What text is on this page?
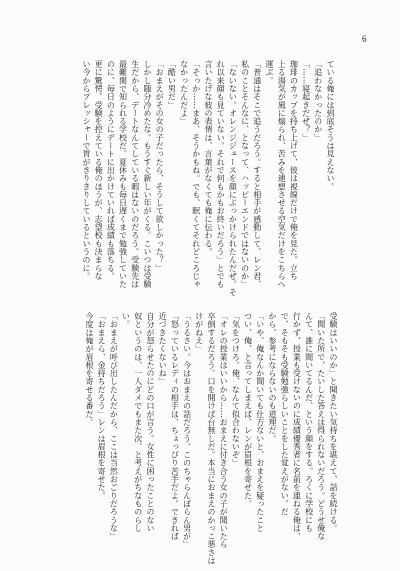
6
ている俺には到底そうは見えない。
「追わなかったのか」
「……寝起きだぜ？」
珈琲のカップを持ち上げて、彼は視線だけで俺を見た。立ち
上る湯気が風に煽られ、苦みを連想させる空気だけをこちらへ
運ぶ。
「普通はそこで追うだろう。すると相手が感動して、レン君、
私のことそんなに、となって、ハッピーエンドではないのか」
「ないない。オレンジジュースを顔にぶっかけられたんだぜ。そ
れ以来顔も見ていない。それで何もかもお終いだろう」とでも
言いたげな彼の表情は、言葉がなくても俺に伝わる。
「そっか……まあ、そうかもね。でも、眠くてそれどころじゃ
なかったんだよ」
「酷い男だ」
「おまえがその女の子だったら、そうして欲しかった？」
しかし随分冷めたな。もうすぐ新しい年がくる。こいつは受験
生だから、デートなんてしている暇はないのだろう。受験先は
最難関で知られる学校だ。夏休みも毎日遅くまで勉強していた
のに、毎日のようにデートに出かけていれば成績も落ちる。
更に驚愕。受験を控えている俺のほうが、志望校も決まらな
い今からプレッシャーで胃がきりきりしているというのに。
受験はいいのか」と聞きたい気持ちを堪えて、話を続ける。
「聞いた所で、たいした答えは得られないだろう。どうせ俺な
んて、誰に聞いてるんだ、という顔をする。ろくに学校にも
行かず、授業も受けないのに成績優秀者に名前を連ねる俺は、
で、そもそも受験勉強らしいことをした覚えがない。だ
から、参考にならないのも道理だ。
「いや、俺なんか聞いても仕方ないと、おまえを疑ったこと
つい、俺、と言ってしまえば、レンが眉根を寄せた。
「気をつけろ。俺、なんて似合わないぞ」
「オレの授業はいいから……おまえに付き合う女の子が聞いたら
卒倒するだろう。口を開けば台無しだ。本当におまえのかっこ悪さは
けがねえ」
「うるさい。今はおまえの話だろう。このちゃらんぽらん男が」
「怒っているレディの相手は、ちょっぴり苦手だよ。できれば
近づきたくないね」
自分が怒らせたのにどの口が言う。女性に困ったことのない
奴というのは、一人ダメでもまた次、と考えがちなものらし
い。
「おまえが呼び出したんだから、ここは当然おごりだろうな」
「おまえら、金持ちだろう」レンは眉根を寄せた。
今度は俺が眉根を寄せる番だ。
